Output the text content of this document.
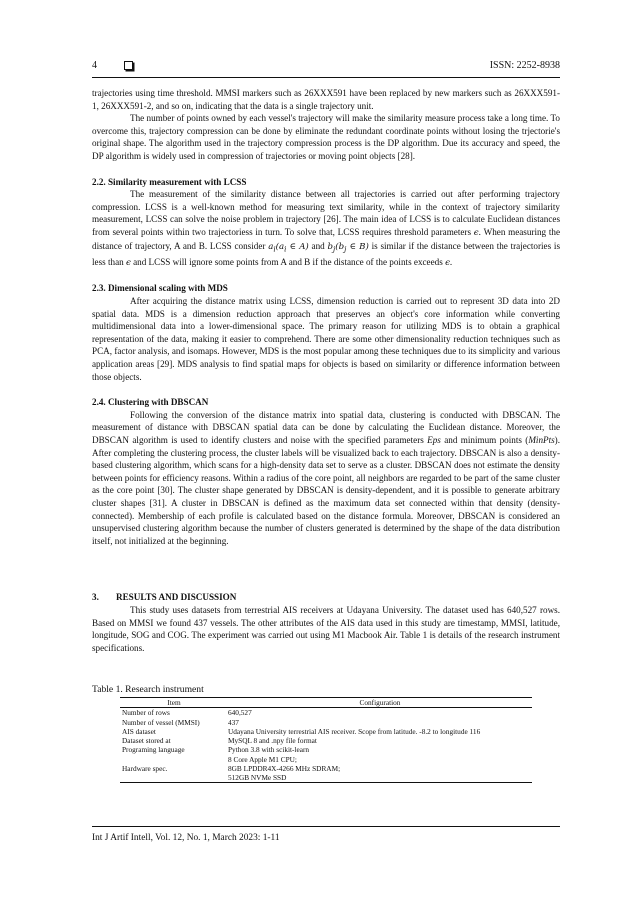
4	ISSN: 2252-8938

trajectories using time threshold. MMSI markers such as 26XXX591 have been replaced by new markers such as 26XXX591-1, 26XXX591-2, and so on, indicating that the data is a single trajectory unit.

The number of points owned by each vessel's trajectory will make the similarity measure process take a long time. To overcome this, trajectory compression can be done by eliminate the redundant coordinate points without losing the trjectorie's original shape. The algorithm used in the trajectory compression process is the DP algorithm. Due its accuracy and speed, the DP algorithm is widely used in compression of trajectories or moving point objects [28].

2.2. Similarity measurement with LCSS

The measurement of the similarity distance between all trajectories is carried out after performing trajectory compression. LCSS is a well-known method for measuring text similarity, while in the context of trajectory similarity measurement, LCSS can solve the noise problem in trajectory [26]. The main idea of LCSS is to calculate Euclidean distances from several points within two trajectoriess in turn. To solve that, LCSS requires threshold parameters ϵ. When measuring the distance of trajectory, A and B. LCSS consider $a_i(a_i$ ∈ A) and $b_j(b_j$ ∈ B) is similar if the distance between the trajectories is less than ϵ and LCSS will ignore some points from A and B if the distance of the points exceeds ϵ.

2.3. Dimensional scaling with MDS

After acquiring the distance matrix using LCSS, dimension reduction is carried out to represent 3D data into 2D spatial data. MDS is a dimension reduction approach that preserves an object's core information while converting multidimensional data into a lower-dimensional space. The primary reason for utilizing MDS is to obtain a graphical representation of the data, making it easier to comprehend. There are some other dimensionality reduction techniques such as PCA, factor analysis, and isomaps. However, MDS is the most popular among these techniques due to its simplicity and various application areas [29]. MDS analysis to find spatial maps for objects is based on similarity or difference information between those objects.

2.4. Clustering with DBSCAN

Following the conversion of the distance matrix into spatial data, clustering is conducted with DBSCAN. The measurement of distance with DBSCAN spatial data can be done by calculating the Euclidean distance. Moreover, the DBSCAN algorithm is used to identify clusters and noise with the specified parameters Eps and minimum points (MinPts). After completing the clustering process, the cluster labels will be visualized back to each trajectory. DBSCAN is also a density-based clustering algorithm, which scans for a high-density data set to serve as a cluster. DBSCAN does not estimate the density between points for efficiency reasons. Within a radius of the core point, all neighbors are regarded to be part of the same cluster as the core point [30]. The cluster shape generated by DBSCAN is density-dependent, and it is possible to generate arbitrary cluster shapes [31]. A cluster in DBSCAN is defined as the maximum data set connected within that density (density-connected). Membership of each profile is calculated based on the distance formula. Moreover, DBSCAN is considered an unsupervised clustering algorithm because the number of clusters generated is determined by the shape of the data distribution itself, not initialized at the beginning.

3. RESULTS AND DISCUSSION

This study uses datasets from terrestrial AIS receivers at Udayana University. The dataset used has 640,527 rows. Based on MMSI we found 437 vessels. The other attributes of the AIS data used in this study are timestamp, MMSI, latitude, longitude, SOG and COG. The experiment was carried out using M1 Macbook Air. Table 1 is details of the research instrument specifications.

Table 1. Research instrument

Item	Configuration
Number of rows	640,527
Number of vessel (MMSI)	437
AIS dataset	Udayana University terrestrial AIS receiver. Scope from latitude. -8.2 to longitude 116
Dataset stored at	MySQL 8 and .npy file format
Programing language	Python 3.8 with scikit-learn
	8 Core Apple M1 CPU;
Hardware spec.	8GB LPDDR4X-4266 MHz SDRAM;
	512GB NVMe SSD
Int J Artif Intell, Vol. 12, No. 1, March 2023: 1-11
